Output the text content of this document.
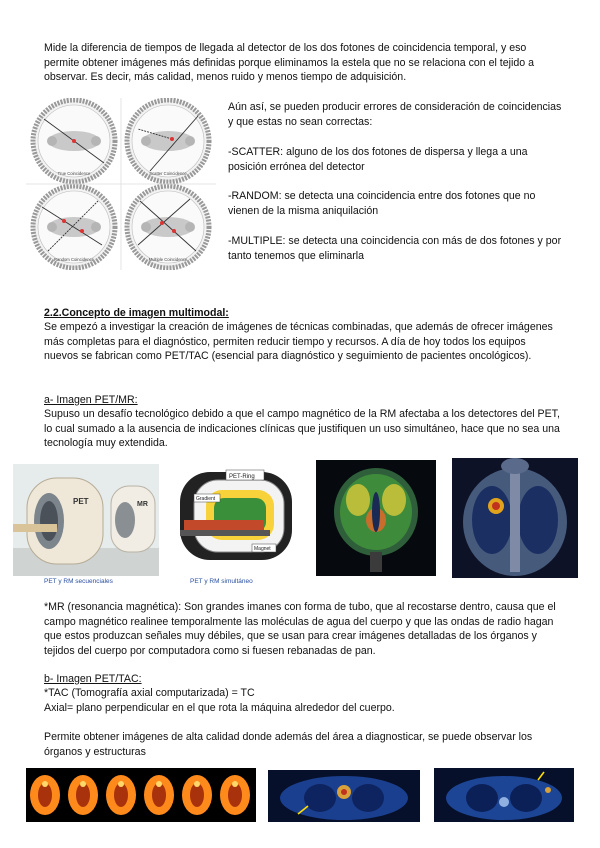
Mide la diferencia de tiempos de llegada al detector de los dos fotones de coincidencia temporal, y eso permite obtener imágenes más definidas porque eliminamos la estela que no se relaciona con el tejido a observar. Es decir, más calidad, menos ruido y menos tiempo de adquisición.

True Coincidence	Scatter Coincidence
Random Coincidence	Multiple Coincidence

Aún así, se pueden producir errores de consideración de coincidencias y que estas no sean correctas:

-SCATTER: alguno de los dos fotones de dispersa y llega a una posición errónea del detector

-RANDOM: se detecta una coincidencia entre dos fotones que no vienen de la misma aniquilación

-MULTIPLE: se detecta una coincidencia con más de dos fotones y por tanto tenemos que eliminarla

2.2.Concepto de imagen multimodal:

Se empezó a investigar la creación de imágenes de técnicas combinadas, que además de ofrecer imágenes más completas para el diagnóstico, permiten reducir tiempo y recursos. A día de hoy todos los equipos nuevos se fabrican como PET/TAC (esencial para diagnóstico y seguimiento de pacientes oncológicos).

a- Imagen PET/MR:

Supuso un desafío tecnológico debido a que el campo magnético de la RM afectaba a los detectores del PET, lo cual sumado a la ausencia de indicaciones clínicas que justifiquen un uso simultáneo, hace que no sea una tecnología muy extendida.

PET	MR
PET y RM secuenciales
PET-Ring
Gradient
Magnet
PET y RM simultáneo

*MR (resonancia magnética): Son grandes imanes con forma de tubo, que al recostarse dentro, causa que el campo magnético realinee temporalmente las moléculas de agua del cuerpo y que las ondas de radio hagan que estos produzcan señales muy débiles, que se usan para crear imágenes detalladas de los órganos y tejidos del cuerpo por computadora como si fuesen rebanadas de pan.

b- Imagen PET/TAC:

*TAC (Tomografía axial computarizada) = TC

Axial= plano perpendicular en el que rota la máquina alrededor del cuerpo.

Permite obtener imágenes de alta calidad donde además del área a diagnosticar, se puede observar los órganos y estructuras
